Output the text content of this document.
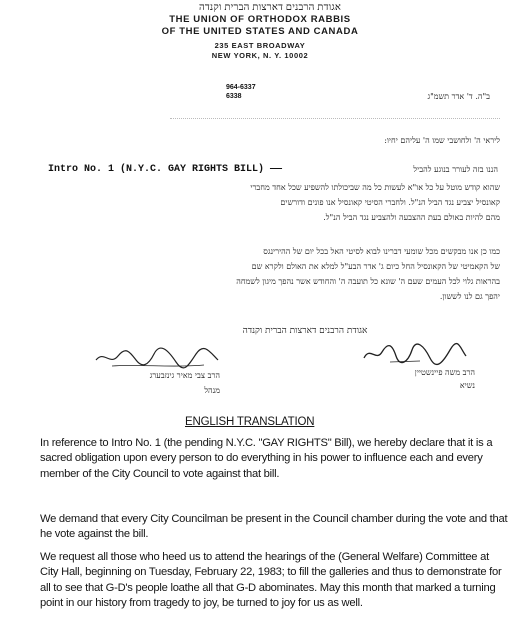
אגודת הרבנים דארצות הברית וקנדה
THE UNION OF ORTHODOX RABBIS
OF THE UNITED STATES AND CANADA
235 EAST BROADWAY
NEW YORK, N. Y. 10002
964-6337
6338	ב"ה. ד' אדר תשמ"ג
ליראי ה' ולחושבי שמו ה' עליהם יחיו:
Intro No. 1 (N.Y.C. GAY RIGHTS BILL) ——	הננו בזה לעורר בנוגע להביל
שהוא קודש מוטל על כל או"א לעשות כל מה שביכולתו להשפיע שכל אחד מחברי
קאונסיל יצביע נגד הביל הנ"ל. ולחברי הסיטי קאונסיל אנו פונים ודורשים
מהם להיות באולם בעת ההצבעה ולהצביע נגד הביל הנ"ל.
כמו כן אנו מבקשים מכל שומעי דברינו לבוא לסיטי האל בכל יום של ההירינגס
של הקאמיטי של הקאונסיל החל כיום ג' אדר הבע"ל למלא את האולם ולקרא שם
בהראות גלוי לכל העמים שעם ה' שונא כל תועבה ה' והחודש אשר נהפך מיגון לשמחה
יהפך גם לנו לששון.
אגודת הרבנים דארצות הברית וקנדה
הרב משה פיינשטיין
נשיא
הרב צבי מאיר גינזבערג
מנהל
ENGLISH TRANSLATION
In reference to Intro No. 1 (the pending N.Y.C. "GAY RIGHTS" Bill), we hereby declare that it is a sacred obligation upon every person to do everything in his power to influence each and every member of the City Council to vote against that bill.
We demand that every City Councilman be present in the Council chamber during the vote and that he vote against the bill.
We request all those who heed us to attend the hearings of the (General Welfare) Committee at City Hall, beginning on Tuesday, February 22, 1983; to fill the galleries and thus to demonstrate for all to see that G-D's people loathe all that G-D abominates. May this month that marked a turning point in our history from tragedy to joy, be turned to joy for us as well.
